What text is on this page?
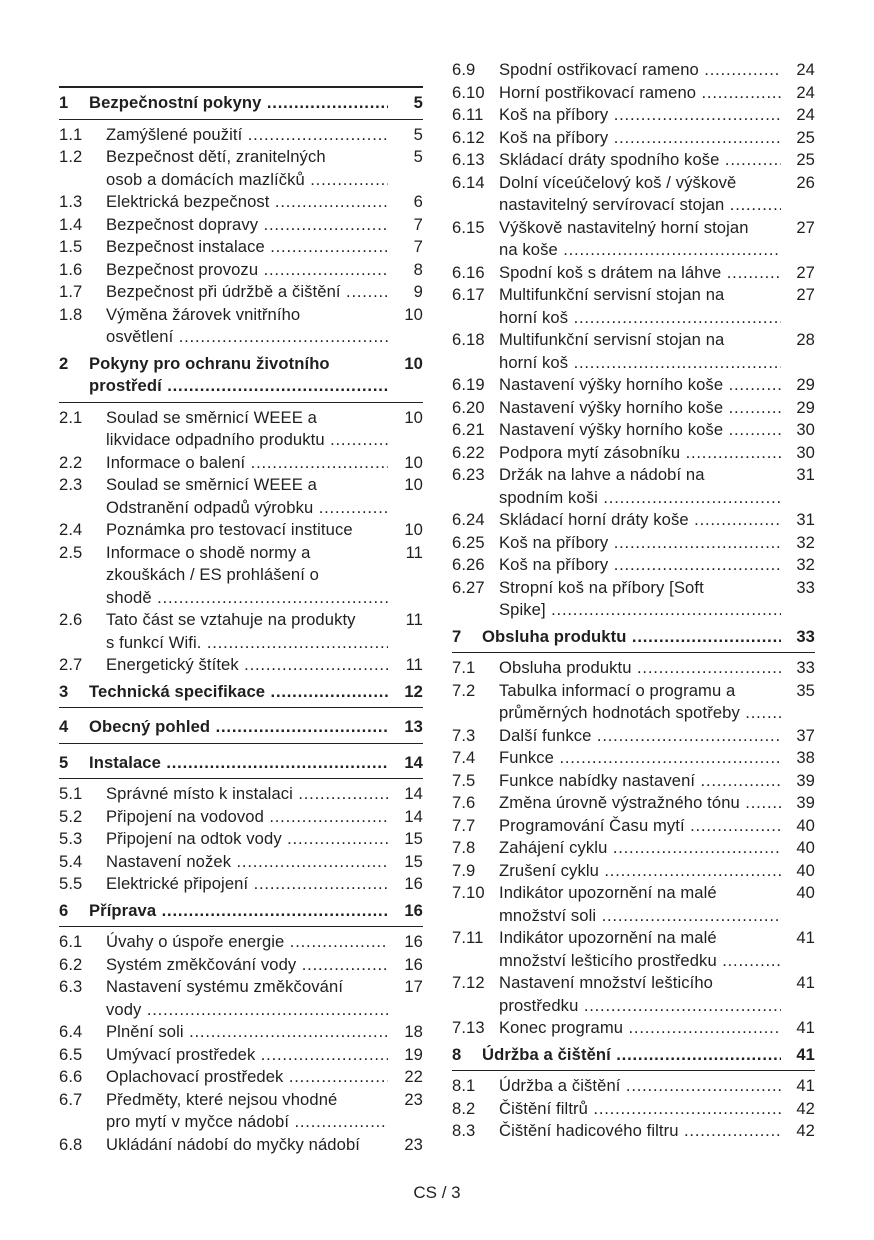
1	Bezpečnostní pokyny .....	5
1.1	Zamýšlené použití .....	5
1.2	Bezpečnost dětí, zranitelných
osob a domácích mazlíčků .....
5
1.3	Elektrická bezpečnost .....	6
1.4	Bezpečnost dopravy .....	7
1.5	Bezpečnost instalace .....	7
1.6	Bezpečnost provozu .....	8
1.7	Bezpečnost při údržbě a čištění .....	9
1.8	Výměna žárovek vnitřního
osvětlení .....
10
2	Pokyny pro ochranu životního
prostředí .....
10
2.1	Soulad se směrnicí WEEE a
likvidace odpadního produktu .....
10
2.2	Informace o balení .....	10
2.3	Soulad se směrnicí WEEE a
Odstranění odpadů výrobku .....
10
2.4	Poznámka pro testovací instituce	10
2.5	Informace o shodě normy a
zkouškách / ES prohlášení o
shodě .....
11
2.6	Tato část se vztahuje na produkty
s funkcí Wifi. .....
11
2.7	Energetický štítek .....	11
3	Technická specifikace .....	12
4	Obecný pohled .....	13
5	Instalace .....	14
5.1	Správné místo k instalaci .....	14
5.2	Připojení na vodovod .....	14
5.3	Připojení na odtok vody .....	15
5.4	Nastavení nožek .....	15
5.5	Elektrické připojení .....	16
6	Příprava .....	16
6.1	Úvahy o úspoře energie .....	16
6.2	Systém změkčování vody .....	16
6.3	Nastavení systému změkčování
vody .....
17
6.4	Plnění soli .....	18
6.5	Umývací prostředek .....	19
6.6	Oplachovací prostředek .....	22
6.7	Předměty, které nejsou vhodné
pro mytí v myčce nádobí .....
23
6.8	Ukládání nádobí do myčky nádobí	23
6.9	Spodní ostřikovací rameno .....	24
6.10 Horní postřikovací rameno .....	24
6.11 Koš na příbory .....	24
6.12 Koš na příbory .....	25
6.13 Skládací dráty spodního koše .....	25
6.14 Dolní víceúčelový koš / výškově
nastavitelný servírovací stojan .....
26
6.15 Výškově nastavitelný horní stojan
na koše .....
27
6.16 Spodní koš s drátem na láhve .....	27
6.17 Multifunkční servisní stojan na
horní koš .....
27
6.18 Multifunkční servisní stojan na
horní koš .....
28
6.19 Nastavení výšky horního koše .....	29
6.20 Nastavení výšky horního koše .....	29
6.21 Nastavení výšky horního koše .....	30
6.22 Podpora mytí zásobníku .....	30
6.23 Držák na lahve a nádobí na
spodním koši .....
31
6.24 Skládací horní dráty koše .....	31
6.25 Koš na příbory .....	32
6.26 Koš na příbory .....	32
6.27 Stropní koš na příbory [Soft
Spike] .....
33
7	Obsluha produktu .....	33
7.1	Obsluha produktu .....	33
7.2	Tabulka informací o programu a
průměrných hodnotách spotřeby .....
35
7.3	Další funkce .....	37
7.4	Funkce .....	38
7.5	Funkce nabídky nastavení .....	39
7.6	Změna úrovně výstražného tónu .....	39
7.7	Programování Času mytí .....	40
7.8	Zahájení cyklu .....	40
7.9	Zrušení cyklu .....	40
7.10 Indikátor upozornění na malé
množství soli .....
40
7.11 Indikátor upozornění na malé
množství lešticího prostředku .....
41
7.12 Nastavení množství lešticího
prostředku .....
41
7.13 Konec programu .....	41
8	Údržba a čištění .....	41
8.1	Údržba a čištění .....	41
8.2	Čištění filtrů .....	42
8.3	Čištění hadicového filtru .....	42
CS / 3
